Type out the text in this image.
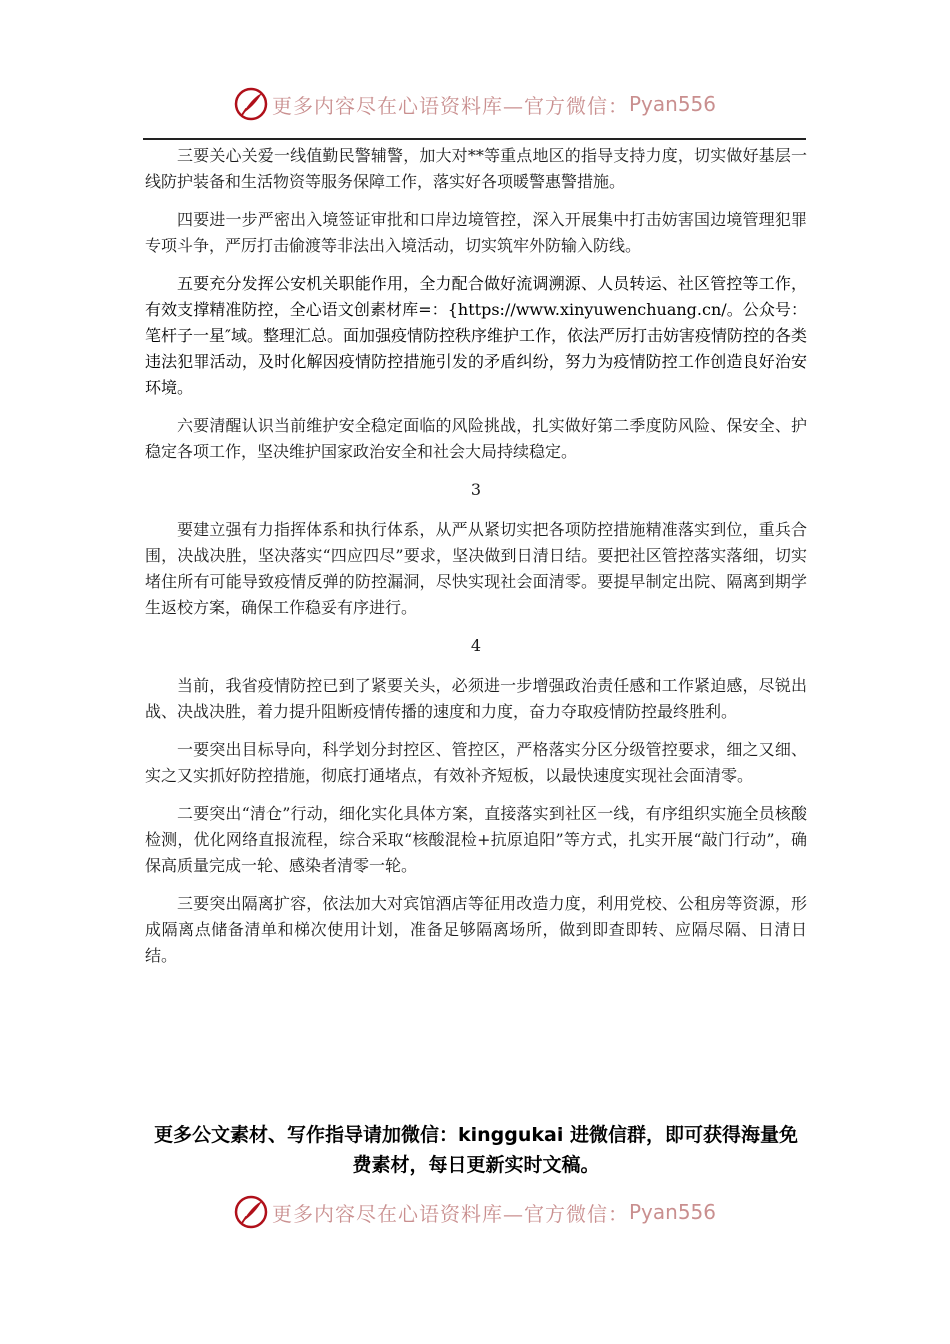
更多内容尽在心语资料库—官方微信： Pyan556

三要关心关爱一线值勤民警辅警，加大对**等重点地区的指导支持力度，切实做好基层一线防护装备和生活物资等服务保障工作，落实好各项暖警惠警措施。

四要进一步严密出入境签证审批和口岸边境管控，深入开展集中打击妨害国边境管理犯罪专项斗争，严厉打击偷渡等非法出入境活动，切实筑牢外防输入防线。

五要充分发挥公安机关职能作用，全力配合做好流调溯源、人员转运、社区管控等工作，有效支撑精准防控，全心语文创素材库=：{https://www.xinyuwenchuang.cn/。公众号：笔杆子一星″域。整理汇总。面加强疫情防控秩序维护工作，依法严厉打击妨害疫情防控的各类违法犯罪活动，及时化解因疫情防控措施引发的矛盾纠纷，努力为疫情防控工作创造良好治安环境。

六要清醒认识当前维护安全稳定面临的风险挑战，扎实做好第二季度防风险、保安全、护稳定各项工作，坚决维护国家政治安全和社会大局持续稳定。

3

要建立强有力指挥体系和执行体系，从严从紧切实把各项防控措施精准落实到位，重兵合围，决战决胜，坚决落实“四应四尽”要求，坚决做到日清日结。要把社区管控落实落细，切实堵住所有可能导致疫情反弹的防控漏洞，尽快实现社会面清零。要提早制定出院、隔离到期学生返校方案，确保工作稳妥有序进行。

4

当前，我省疫情防控已到了紧要关头，必须进一步增强政治责任感和工作紧迫感，尽锐出战、决战决胜，着力提升阻断疫情传播的速度和力度，奋力夺取疫情防控最终胜利。

一要突出目标导向，科学划分封控区、管控区，严格落实分区分级管控要求，细之又细、实之又实抓好防控措施，彻底打通堵点，有效补齐短板，以最快速度实现社会面清零。

二要突出“清仓”行动，细化实化具体方案，直接落实到社区一线，有序组织实施全员核酸检测，优化网络直报流程，综合采取“核酸混检+抗原追阳”等方式，扎实开展“敲门行动”，确保高质量完成一轮、感染者清零一轮。

三要突出隔离扩容，依法加大对宾馆酒店等征用改造力度，利用党校、公租房等资源，形成隔离点储备清单和梯次使用计划，准备足够隔离场所，做到即查即转、应隔尽隔、日清日结。

更多公文素材、写作指导请加微信：kinggukai 进微信群，即可获得海量免费素材，每日更新实时文稿。
更多内容尽在心语资料库—官方微信： Pyan556
